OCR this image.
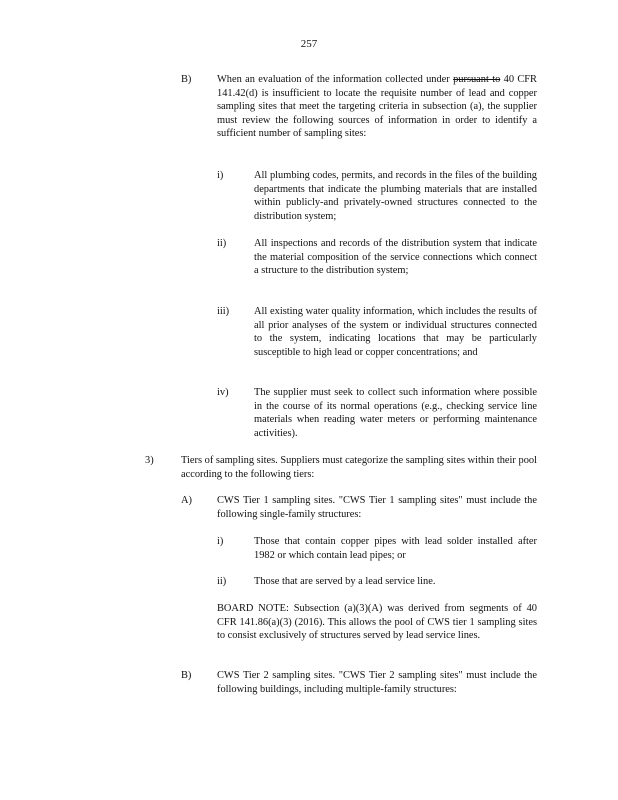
257
B) When an evaluation of the information collected under pursuant to 40 CFR 141.42(d) is insufficient to locate the requisite number of lead and copper sampling sites that meet the targeting criteria in subsection (a), the supplier must review the following sources of information in order to identify a sufficient number of sampling sites:
i)	All plumbing codes, permits, and records in the files of the building departments that indicate the plumbing materials that are installed within publicly-and privately-owned structures connected to the distribution system;
ii)	All inspections and records of the distribution system that indicate the material composition of the service connections which connect a structure to the distribution system;
iii) All existing water quality information, which includes the results of all prior analyses of the system or individual structures connected to the system, indicating locations that may be particularly susceptible to high lead or copper concentrations; and
iv) The supplier must seek to collect such information where possible in the course of its normal operations (e.g., checking service line materials when reading water meters or performing maintenance activities).
3)	Tiers of sampling sites. Suppliers must categorize the sampling sites within their pool according to the following tiers:
A) CWS Tier 1 sampling sites. "CWS Tier 1 sampling sites" must include the following single-family structures:
i)	Those that contain copper pipes with lead solder installed after 1982 or which contain lead pipes; or
ii)	Those that are served by a lead service line.
BOARD NOTE: Subsection (a)(3)(A) was derived from segments of 40 CFR 141.86(a)(3) (2016). This allows the pool of CWS tier 1 sampling sites to consist exclusively of structures served by lead service lines.
B) CWS Tier 2 sampling sites. "CWS Tier 2 sampling sites" must include the following buildings, including multiple-family structures:
